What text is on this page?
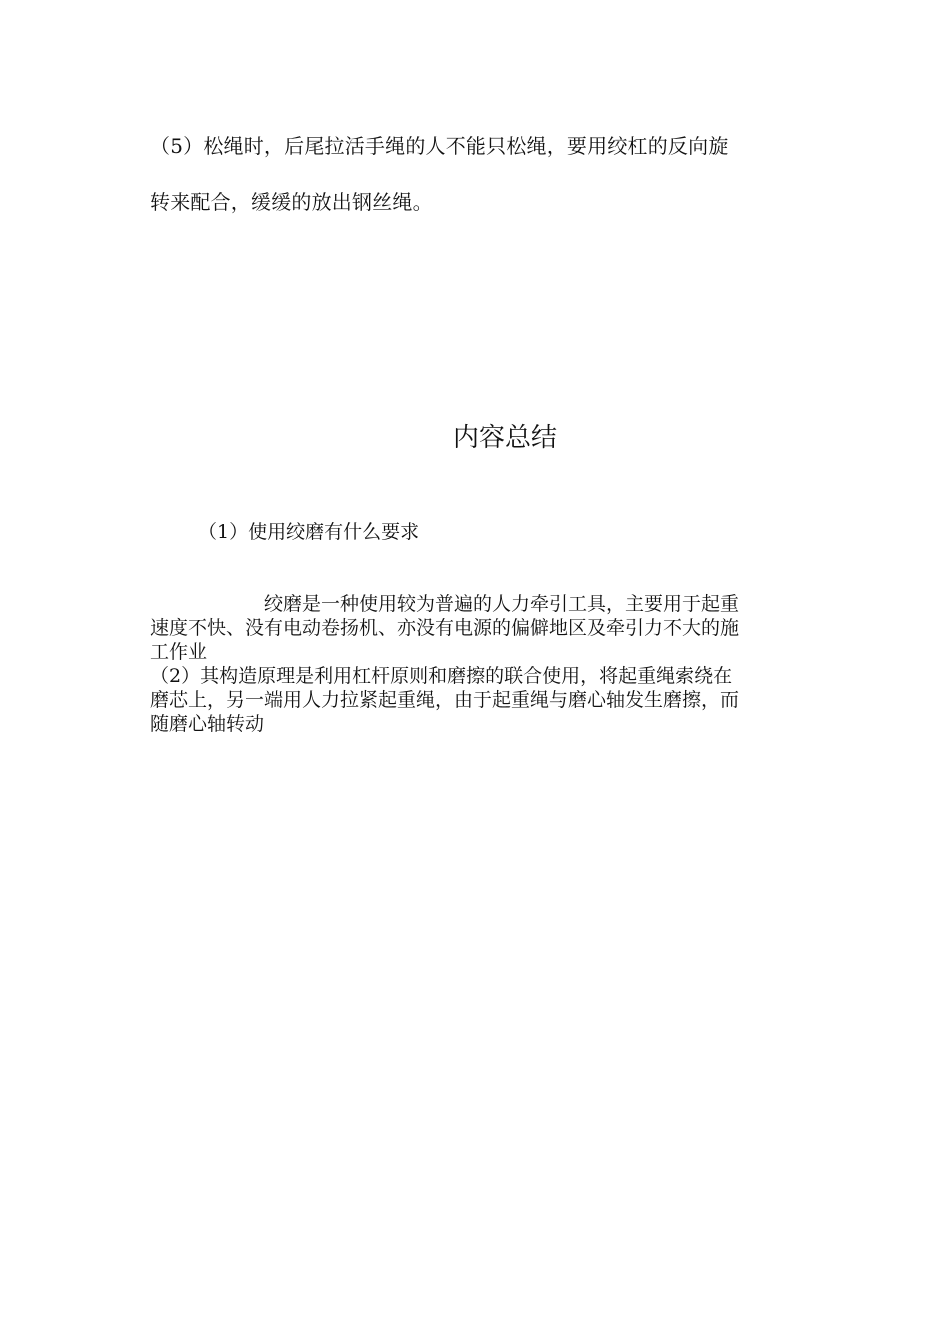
（5）松绳时，后尾拉活手绳的人不能只松绳，要用绞杠的反向旋
转来配合，缓缓的放出钢丝绳。
内容总结
（1）使用绞磨有什么要求
绞磨是一种使用较为普遍的人力牵引工具，主要用于起重
速度不快、没有电动卷扬机、亦没有电源的偏僻地区及牵引力不大的施
工作业
（2）其构造原理是利用杠杆原则和磨擦的联合使用，将起重绳索绕在
磨芯上，另一端用人力拉紧起重绳，由于起重绳与磨心轴发生磨擦，而
随磨心轴转动
